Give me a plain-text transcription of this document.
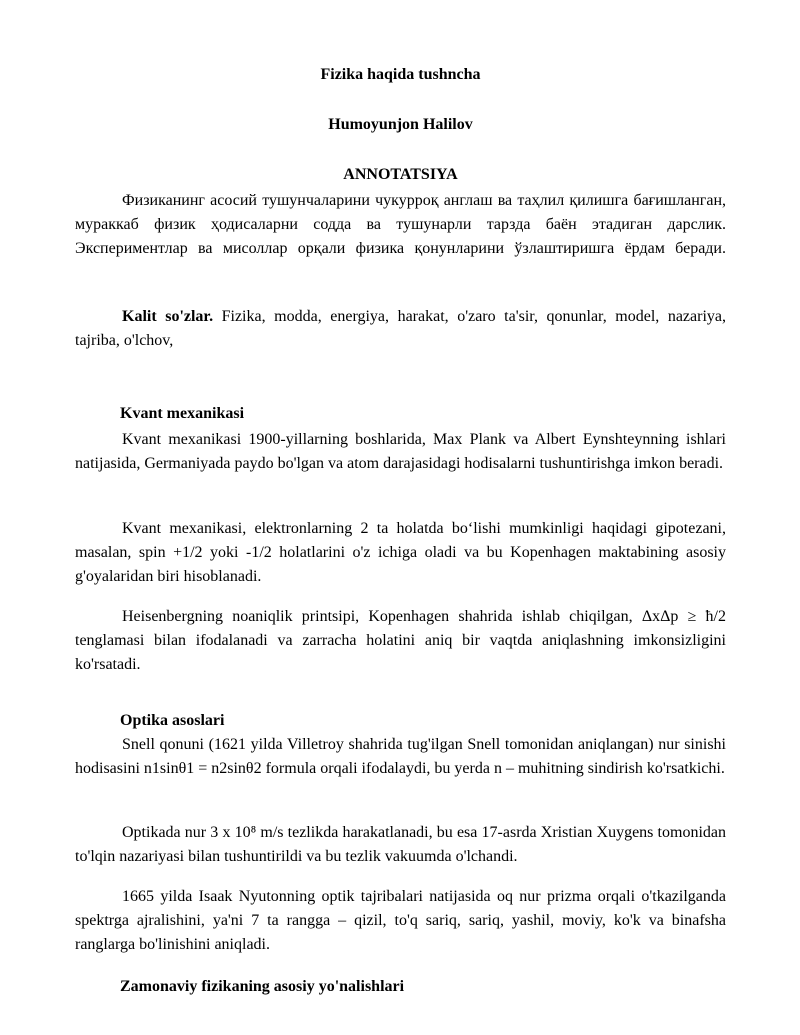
Fizika haqida tushncha
Humoyunjon Halilov
ANNOTATSIYA
Физиканинг асосий тушунчаларини чукурроқ англаш ва таҳлил қилишга бағишланган, мураккаб физик ҳодисаларни содда ва тушунарли тарзда баён этадиган дарслик. Экспериментлар ва мисоллар орқали физика қонунларини ўзлаштиришга ёрдам беради.
Kalit so'zlar. Fizika, modda, energiya, harakat, o'zaro ta'sir, qonunlar, model, nazariya, tajriba, o'lchov,
Kvant mexanikasi
Kvant mexanikasi 1900-yillarning boshlarida, Max Plank va Albert Eynshteynning ishlari natijasida, Germaniyada paydo bo'lgan va atom darajasidagi hodisalarni tushuntirishga imkon beradi.
Kvant mexanikasi, elektronlarning 2 ta holatda bo‘lishi mumkinligi haqidagi gipotezani, masalan, spin +1/2 yoki -1/2 holatlarini o'z ichiga oladi va bu Kopenhagen maktabining asosiy g'oyalaridan biri hisoblanadi.
Heisenbergning noaniqlik printsipi, Kopenhagen shahrida ishlab chiqilgan, ΔxΔp ≥ ħ/2 tenglamasi bilan ifodalanadi va zarracha holatini aniq bir vaqtda aniqlashning imkonsizligini ko'rsatadi.
Optika asoslari
Snell qonuni (1621 yilda Villetroy shahrida tug'ilgan Snell tomonidan aniqlangan) nur sinishi hodisasini n1sinθ1 = n2sinθ2 formula orqali ifodalaydi, bu yerda n – muhitning sindirish ko'rsatkichi.
Optikada nur 3 x 10⁸ m/s tezlikda harakatlanadi, bu esa 17-asrda Xristian Xuygens tomonidan to'lqin nazariyasi bilan tushuntirildi va bu tezlik vakuumda o'lchandi.
1665 yilda Isaak Nyutonning optik tajribalari natijasida oq nur prizma orqali o'tkazilganda spektrga ajralishini, ya'ni 7 ta rangga – qizil, to'q sariq, sariq, yashil, moviy, ko'k va binafsha ranglarga bo'linishini aniqladi.
Zamonaviy fizikaning asosiy yo'nalishlari
